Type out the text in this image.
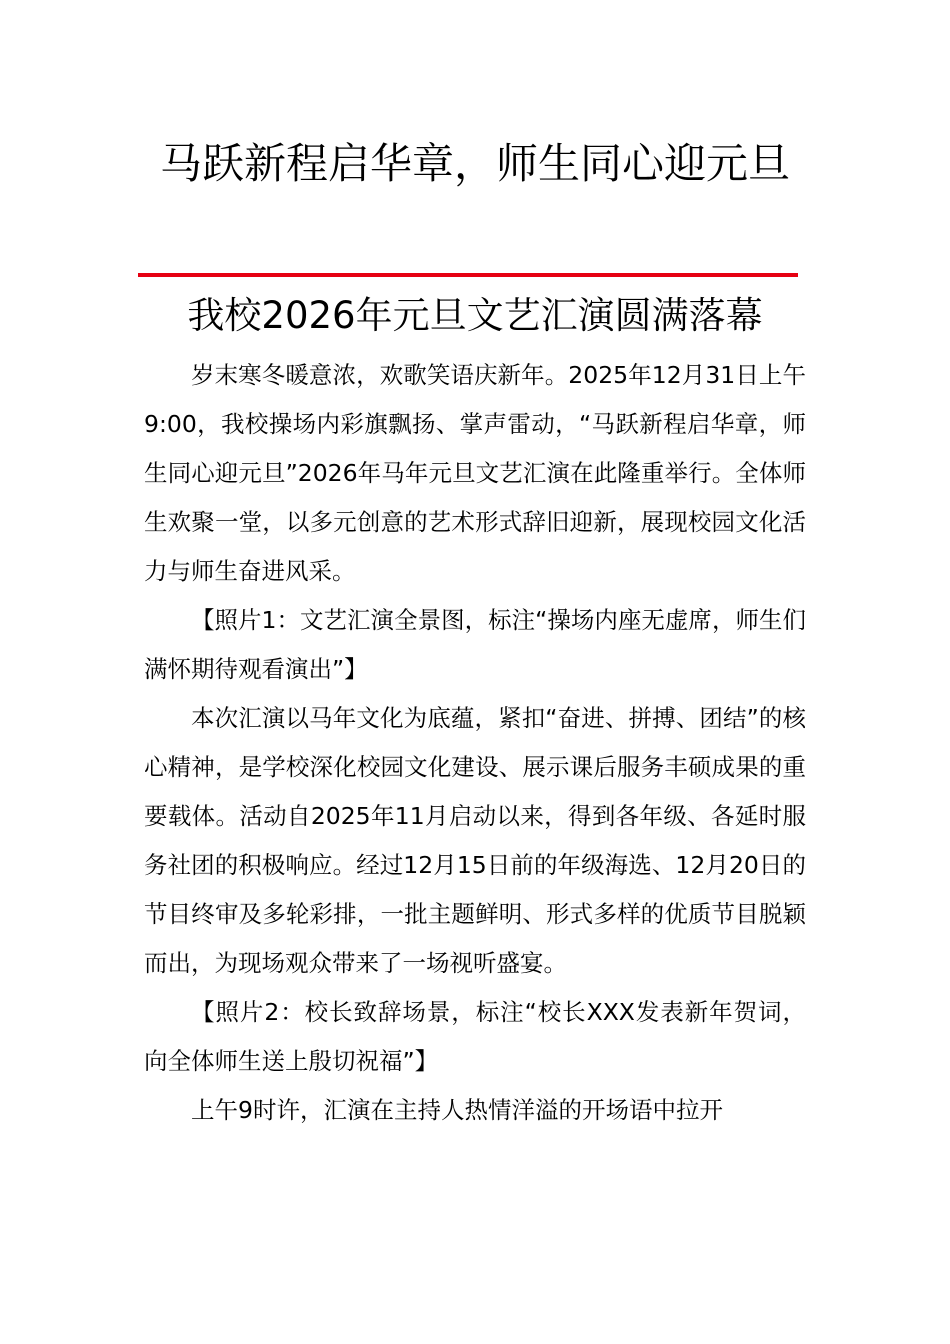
马跃新程启华章，师生同心迎元旦
我校2026年元旦文艺汇演圆满落幕

岁末寒冬暖意浓，欢歌笑语庆新年。2025年12月31日上午9:00，我校操场内彩旗飘扬、掌声雷动，“马跃新程启华章，师生同心迎元旦”2026年马年元旦文艺汇演在此隆重举行。全体师生欢聚一堂，以多元创意的艺术形式辞旧迎新，展现校园文化活力与师生奋进风采。

【照片1：文艺汇演全景图，标注“操场内座无虚席，师生们满怀期待观看演出”】

本次汇演以马年文化为底蕴，紧扣“奋进、拼搏、团结”的核心精神，是学校深化校园文化建设、展示课后服务丰硕成果的重要载体。活动自2025年11月启动以来，得到各年级、各延时服务社团的积极响应。经过12月15日前的年级海选、12月20日的节目终审及多轮彩排，一批主题鲜明、形式多样的优质节目脱颖而出，为现场观众带来了一场视听盛宴。

【照片2：校长致辞场景，标注“校长XXX发表新年贺词，向全体师生送上殷切祝福”】

上午9时许，汇演在主持人热情洋溢的开场语中拉开
